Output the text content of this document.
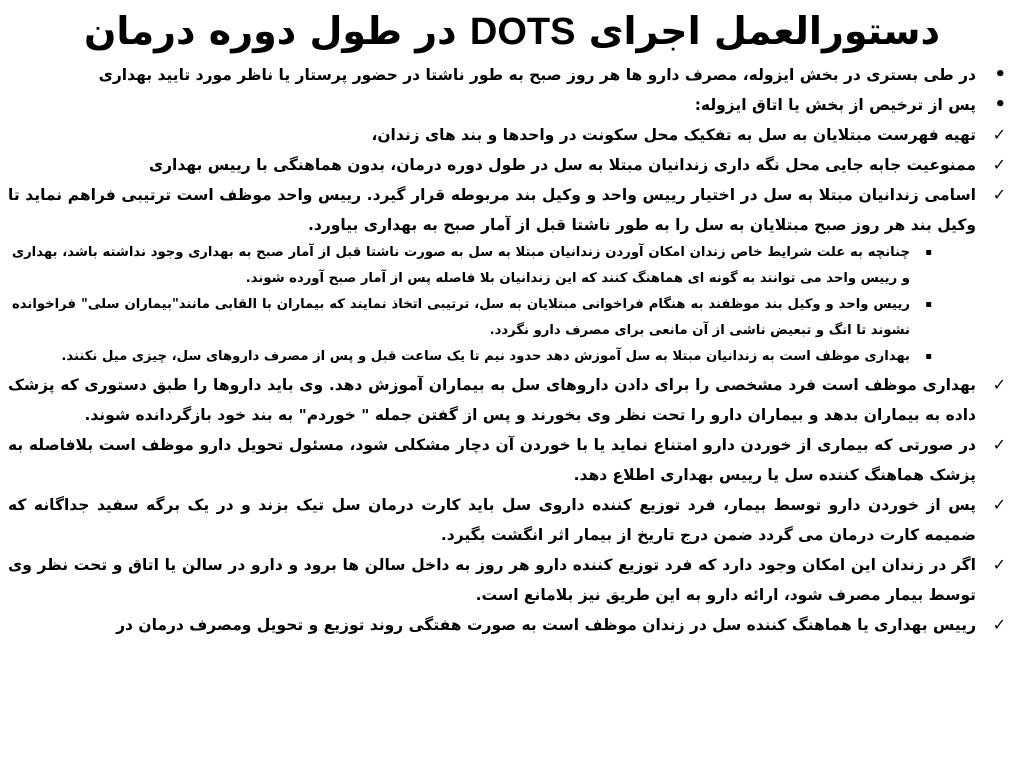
دستورالعمل اجرای DOTS در طول دوره درمان
•
در طی بستری در بخش ایزوله، مصرف دارو ها هر روز صبح به طور ناشتا در حضور پرستار یا ناظر مورد تایید بهداری
•
پس از ترخیص از بخش یا اتاق ایزوله:
✓
تهیه فهرست مبتلایان به سل به تفکیک محل سکونت در واحدها و بند های زندان،
✓
ممنوعیت جابه جایی محل نگه داری زندانیان مبتلا به سل در طول دوره درمان، بدون هماهنگی با رییس بهداری
✓
اسامی زندانیان مبتلا به سل در اختیار رییس واحد و وکیل بند مربوطه قرار گیرد. رییس واحد موظف است ترتیبی فراهم نماید تا وکیل بند هر روز صبح مبتلایان به سل را به طور ناشتا قبل از آمار صبح به بهداری بیاورد.
▪
چنانچه به علت شرایط خاص زندان امکان آوردن زندانیان مبتلا به سل به صورت ناشتا قبل از آمار صبح به بهداری وجود نداشته باشد، بهداری و رییس واحد می توانند به گونه ای هماهنگ کنند که این زندانیان بلا فاصله پس از آمار صبح آورده شوند.
▪
رییس واحد و وکیل بند موظفند به هنگام فراخوانی مبتلایان به سل، ترتیبی اتخاذ نمایند که بیماران با القابی مانند"بیماران سلی" فراخوانده نشوند تا انگ و تبعیض ناشی از آن مانعی برای مصرف دارو نگردد.
▪
بهداری موظف است به زندانیان مبتلا به سل آموزش دهد حدود نیم تا یک ساعت قبل و پس از مصرف داروهای سل، چیزی میل نکنند.
✓
بهداری موظف است فرد مشخصی را برای دادن داروهای سل به بیماران آموزش دهد. وی باید داروها را طبق دستوری که پزشک داده به بیماران بدهد و بیماران دارو را تحت نظر وی بخورند و پس از گفتن جمله " خوردم" به بند خود بازگردانده شوند.
✓
در صورتی که بیماری از خوردن دارو امتناع نماید یا با خوردن آن دچار مشکلی شود، مسئول تحویل دارو موظف است بلافاصله به پزشک هماهنگ کننده سل یا رییس بهداری اطلاع دهد.
✓
پس از خوردن دارو توسط بیمار، فرد توزیع کننده داروی سل باید کارت درمان سل تیک بزند و در یک برگه سفید جداگانه که ضمیمه کارت درمان می گردد ضمن درج تاریخ از بیمار اثر انگشت بگیرد.
✓
اگر در زندان این امکان وجود دارد که فرد توزیع کننده دارو هر روز به داخل سالن ها برود و دارو در سالن یا اتاق و تحت نظر وی توسط بیمار مصرف شود، ارائه دارو به این طریق نیز بلامانع است.
✓
رییس بهداری یا هماهنگ کننده سل در زندان موظف است به صورت هفتگی روند توزیع و تحویل ومصرف درمان در
